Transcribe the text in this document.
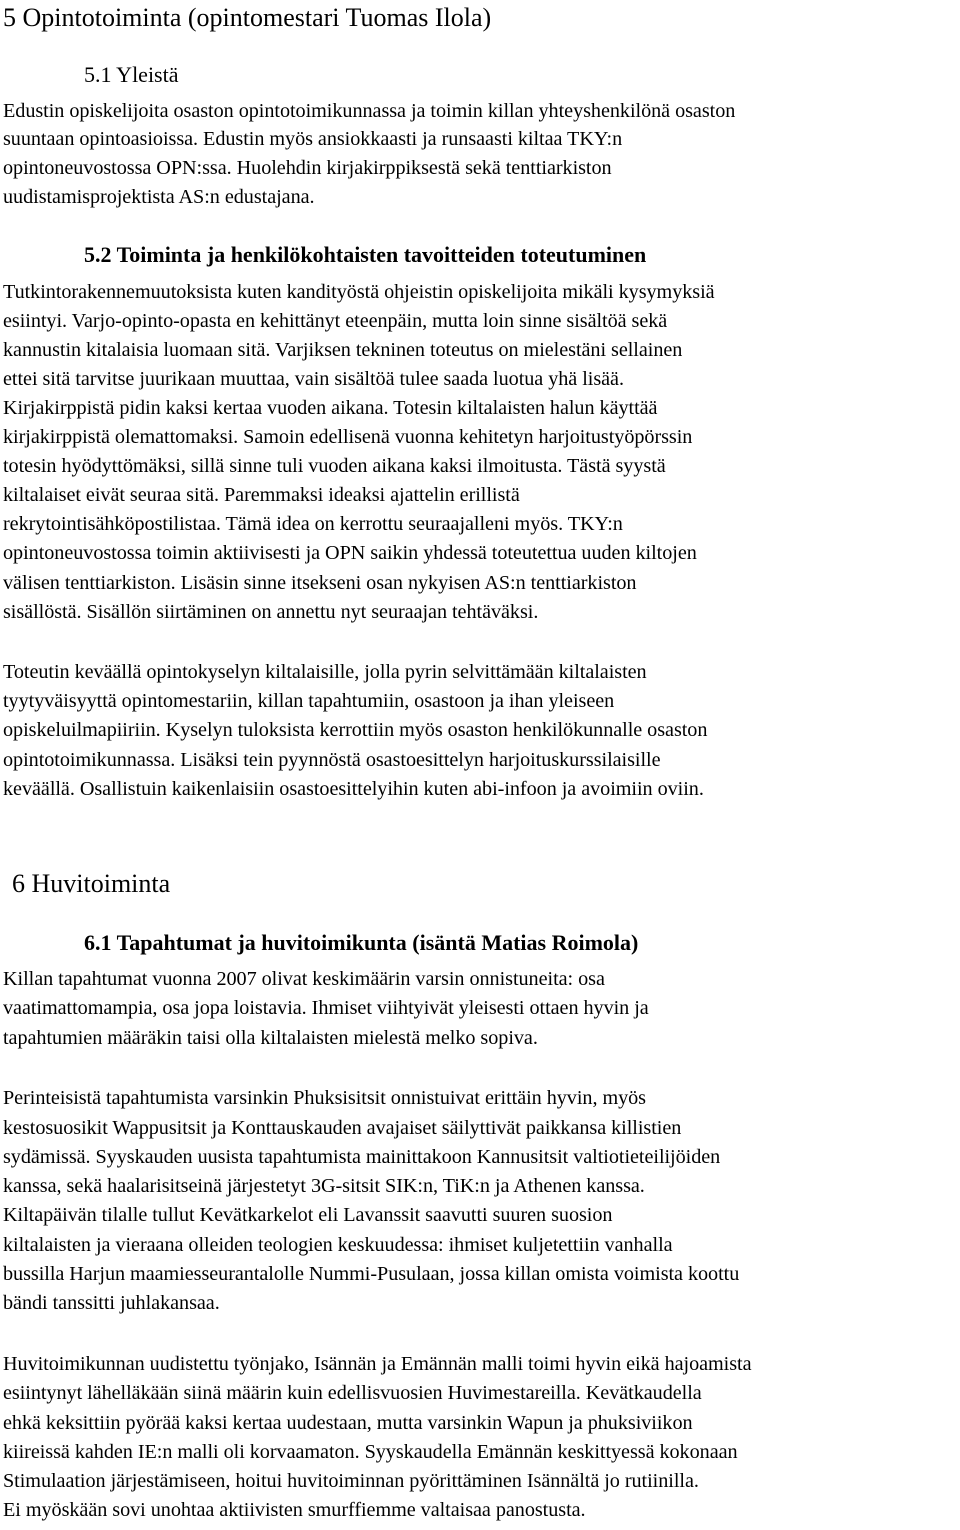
5 Opintotoiminta (opintomestari Tuomas Ilola)
5.1 Yleistä
Edustin opiskelijoita osaston opintotoimikunnassa ja toimin killan yhteyshenkilönä osaston
suuntaan opintoasioissa. Edustin myös ansiokkaasti ja runsaasti kiltaa TKY:n
opintoneuvostossa OPN:ssa. Huolehdin kirjakirppiksestä sekä tenttiarkiston
uudistamisprojektista AS:n edustajana.
5.2 Toiminta ja henkilökohtaisten tavoitteiden toteutuminen
Tutkintorakennemuutoksista kuten kandityöstä ohjeistin opiskelijoita mikäli kysymyksiä
esiintyi. Varjo-opinto-opasta en kehittänyt eteenpäin, mutta loin sinne sisältöä sekä
kannustin kitalaisia luomaan sitä. Varjiksen tekninen toteutus on mielestäni sellainen
ettei sitä tarvitse juurikaan muuttaa, vain sisältöä tulee saada luotua yhä lisää.
Kirjakirppistä pidin kaksi kertaa vuoden aikana. Totesin kiltalaisten halun käyttää
kirjakirppistä olemattomaksi. Samoin edellisenä vuonna kehitetyn harjoitustyöpörssin
totesin hyödyttömäksi, sillä sinne tuli vuoden aikana kaksi ilmoitusta. Tästä syystä
kiltalaiset eivät seuraa sitä. Paremmaksi ideaksi ajattelin erillistä
rekrytointisähköpostilistaa. Tämä idea on kerrottu seuraajalleni myös. TKY:n
opintoneuvostossa toimin aktiivisesti ja OPN saikin yhdessä toteutettua uuden kiltojen
välisen tenttiarkiston. Lisäsin sinne itsekseni osan nykyisen AS:n tenttiarkiston
sisällöstä. Sisällön siirtäminen on annettu nyt seuraajan tehtäväksi.
Toteutin keväällä opintokyselyn kiltalaisille, jolla pyrin selvittämään kiltalaisten
tyytyväisyyttä opintomestariin, killan tapahtumiin, osastoon ja ihan yleiseen
opiskeluilmapiiriin. Kyselyn tuloksista kerrottiin myös osaston henkilökunnalle osaston
opintotoimikunnassa. Lisäksi tein pyynnöstä osastoesittelyn harjoituskurssilaisille
keväällä. Osallistuin kaikenlaisiin osastoesittelyihin kuten abi-infoon ja avoimiin oviin.
6 Huvitoiminta
6.1 Tapahtumat ja huvitoimikunta (isäntä Matias Roimola)
Killan tapahtumat vuonna 2007 olivat keskimäärin varsin onnistuneita: osa
vaatimattomampia, osa jopa loistavia. Ihmiset viihtyivät yleisesti ottaen hyvin ja
tapahtumien määräkin taisi olla kiltalaisten mielestä melko sopiva.
Perinteisistä tapahtumista varsinkin Phuksisitsit onnistuivat erittäin hyvin, myös
kestosuosikit Wappusitsit ja Konttauskauden avajaiset säilyttivät paikkansa killistien
sydämissä. Syyskauden uusista tapahtumista mainittakoon Kannusitsit valtiotieteilijöiden
kanssa, sekä haalarisitseinä järjestetyt 3G-sitsit SIK:n, TiK:n ja Athenen kanssa.
Kiltapäivän tilalle tullut Kevätkarkelot eli Lavanssit saavutti suuren suosion
kiltalaisten ja vieraana olleiden teologien keskuudessa: ihmiset kuljetettiin vanhalla
bussilla Harjun maamiesseurantalolle Nummi-Pusulaan, jossa killan omista voimista koottu
bändi tanssitti juhlakansaa.
Huvitoimikunnan uudistettu työnjako, Isännän ja Emännän malli toimi hyvin eikä hajoamista
esiintynyt lähelläkään siinä määrin kuin edellisvuosien Huvimestareilla. Kevätkaudella
ehkä keksittiin pyörää kaksi kertaa uudestaan, mutta varsinkin Wapun ja phuksiviikon
kiireissä kahden IE:n malli oli korvaamaton. Syyskaudella Emännän keskittyessä kokonaan
Stimulaation järjestämiseen, hoitui huvitoiminnan pyörittäminen Isännältä jo rutiinilla.
Ei myöskään sovi unohtaa aktiivisten smurffiemme valtaisaa panostusta.
